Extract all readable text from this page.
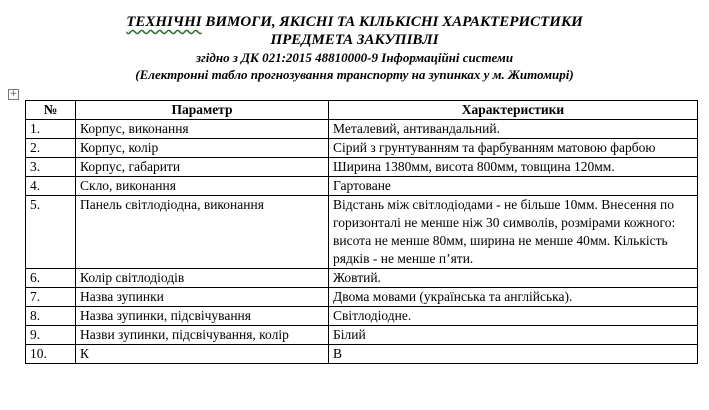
ТЕХНІЧНІ ВИМОГИ, ЯКІСНІ ТА КІЛЬКІСНІ ХАРАКТЕРИСТИКИ
ПРЕДМЕТА ЗАКУПІВЛІ
згідно з ДК 021:2015 48810000-9 Інформаційні системи
(Електронні табло прогнозування транспорту на зупинках у м. Житомирі)
+
№	Параметр	Характеристики
1.	Корпус, виконання	Металевий, антивандальний.
2.	Корпус, колір	Сірий з грунтуванням та фарбуванням матовою фарбою
3.	Корпус, габарити	Ширина 1380мм, висота 800мм, товщина 120мм.
4.	Скло, виконання	Гартоване
5.	Панель світлодіодна, виконання	Відстань між світлодіодами - не більше 10мм. Внесення по горизонталі не менше ніж 30 символів, розмірами кожного: висота не менше 80мм, ширина не менше 40мм. Кількість рядків - не менше п’яти.
6.	Колір світлодіодів	Жовтий.
7.	Назва зупинки	Двома мовами (українська та англійська).
8.	Назва зупинки, підсвічування	Світлодіодне.
9.	Назви зупинки, підсвічування, колір	Білий
10.	К	В
